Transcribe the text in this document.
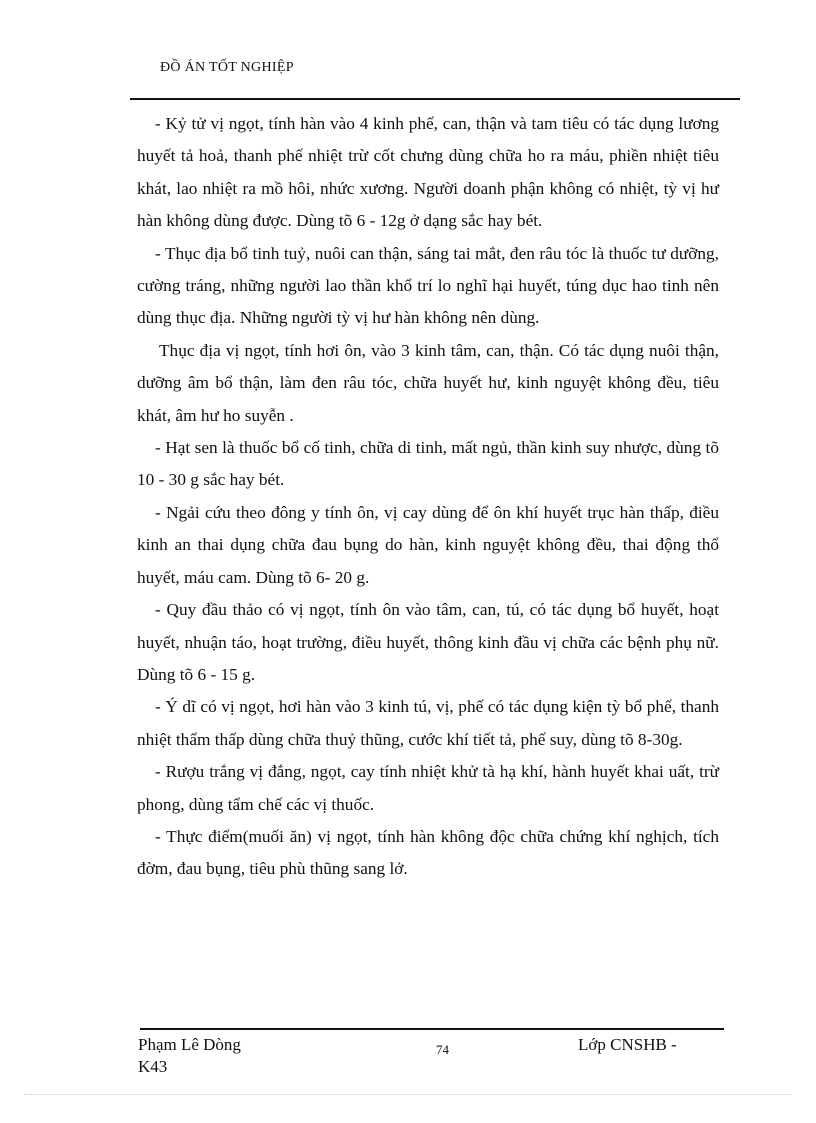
ĐỒ ÁN TỐT NGHIỆP

- Kỷ tử vị ngọt, tính hàn vào 4 kinh phế, can, thận và tam tiêu có tác dụng lương huyết tả hoả, thanh phế nhiệt trừ cốt chưng dùng chữa ho ra máu, phiền nhiệt tiêu khát, lao nhiệt ra mồ hôi, nhức xương. Người doanh phận không có nhiệt, tỳ vị hư hàn không dùng được. Dùng tõ 6 - 12g ở dạng sắc hay bét.

- Thục địa bổ tinh tuỷ, nuôi can thận, sáng tai mắt, đen râu tóc là thuốc tư dưỡng, cường tráng, những người lao thần khổ trí lo nghĩ hại huyết, túng dục hao tinh nên dùng thục địa. Những người tỳ vị hư hàn không nên dùng.

Thục địa vị ngọt, tính hơi ôn, vào 3 kinh tâm, can, thận. Có tác dụng nuôi thận, dưỡng âm bổ thận, làm đen râu tóc, chữa huyết hư, kinh nguyệt không đều, tiêu khát, âm hư ho suyễn .

- Hạt sen là thuốc bổ cố tinh, chữa di tinh, mất ngủ, thần kinh suy nhược, dùng tõ 10 - 30 g sắc hay bét.

- Ngải cứu theo đông y tính ôn, vị cay dùng để ôn khí huyết trục hàn thấp, điều kinh an thai dụng chữa đau bụng do hàn, kinh nguyệt không đều, thai động thổ huyết, máu cam. Dùng tõ 6- 20 g.

- Quy đầu thảo có vị ngọt, tính ôn vào tâm, can, tú, có tác dụng bổ huyết, hoạt huyết, nhuận táo, hoạt trường, điều huyết, thông kinh đầu vị chữa các bệnh phụ nữ. Dùng tõ 6 - 15 g.

- Ý dĩ có vị ngọt, hơi hàn vào 3 kinh tú, vị, phế có tác dụng kiện tỳ bổ phế, thanh nhiệt thẩm thấp dùng chữa thuỷ thũng, cước khí tiết tả, phế suy, dùng tõ 8-30g.

- Rượu trắng vị đắng, ngọt, cay tính nhiệt khử tà hạ khí, hành huyết khai uất, trừ phong, dùng tẩm chế các vị thuốc.

- Thực điểm(muối ăn) vị ngọt, tính hàn không độc chữa chứng khí nghịch, tích đờm, đau bụng, tiêu phù thũng sang lở.

Phạm Lê Dòng K43
74	Lớp CNSHB -
